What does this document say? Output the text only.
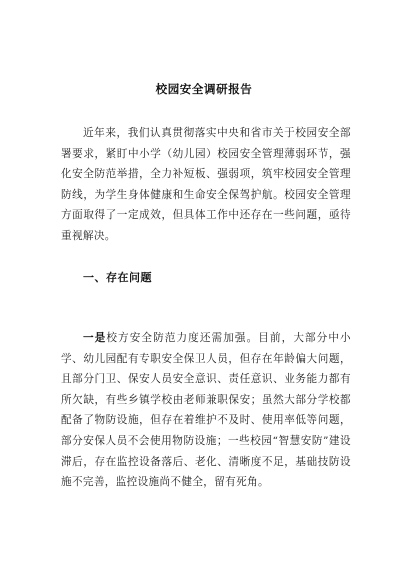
校园安全调研报告
近年来，我们认真贯彻落实中央和省市关于校园安全部署要求，紧盯中小学（幼儿园）校园安全管理薄弱环节，强化安全防范举措，全力补短板、强弱项，筑牢校园安全管理防线，为学生身体健康和生命安全保驾护航。校园安全管理方面取得了一定成效，但具体工作中还存在一些问题，亟待重视解决。
一、存在问题
一是校方安全防范力度还需加强。目前，大部分中小学、幼儿园配有专职安全保卫人员，但存在年龄偏大问题，且部分门卫、保安人员安全意识、责任意识、业务能力都有所欠缺，有些乡镇学校由老师兼职保安；虽然大部分学校都配备了物防设施，但存在着维护不及时、使用率低等问题，部分安保人员不会使用物防设施；一些校园“智慧安防”建设滞后，存在监控设备落后、老化、清晰度不足，基础技防设施不完善，监控设施尚不健全，留有死角。
